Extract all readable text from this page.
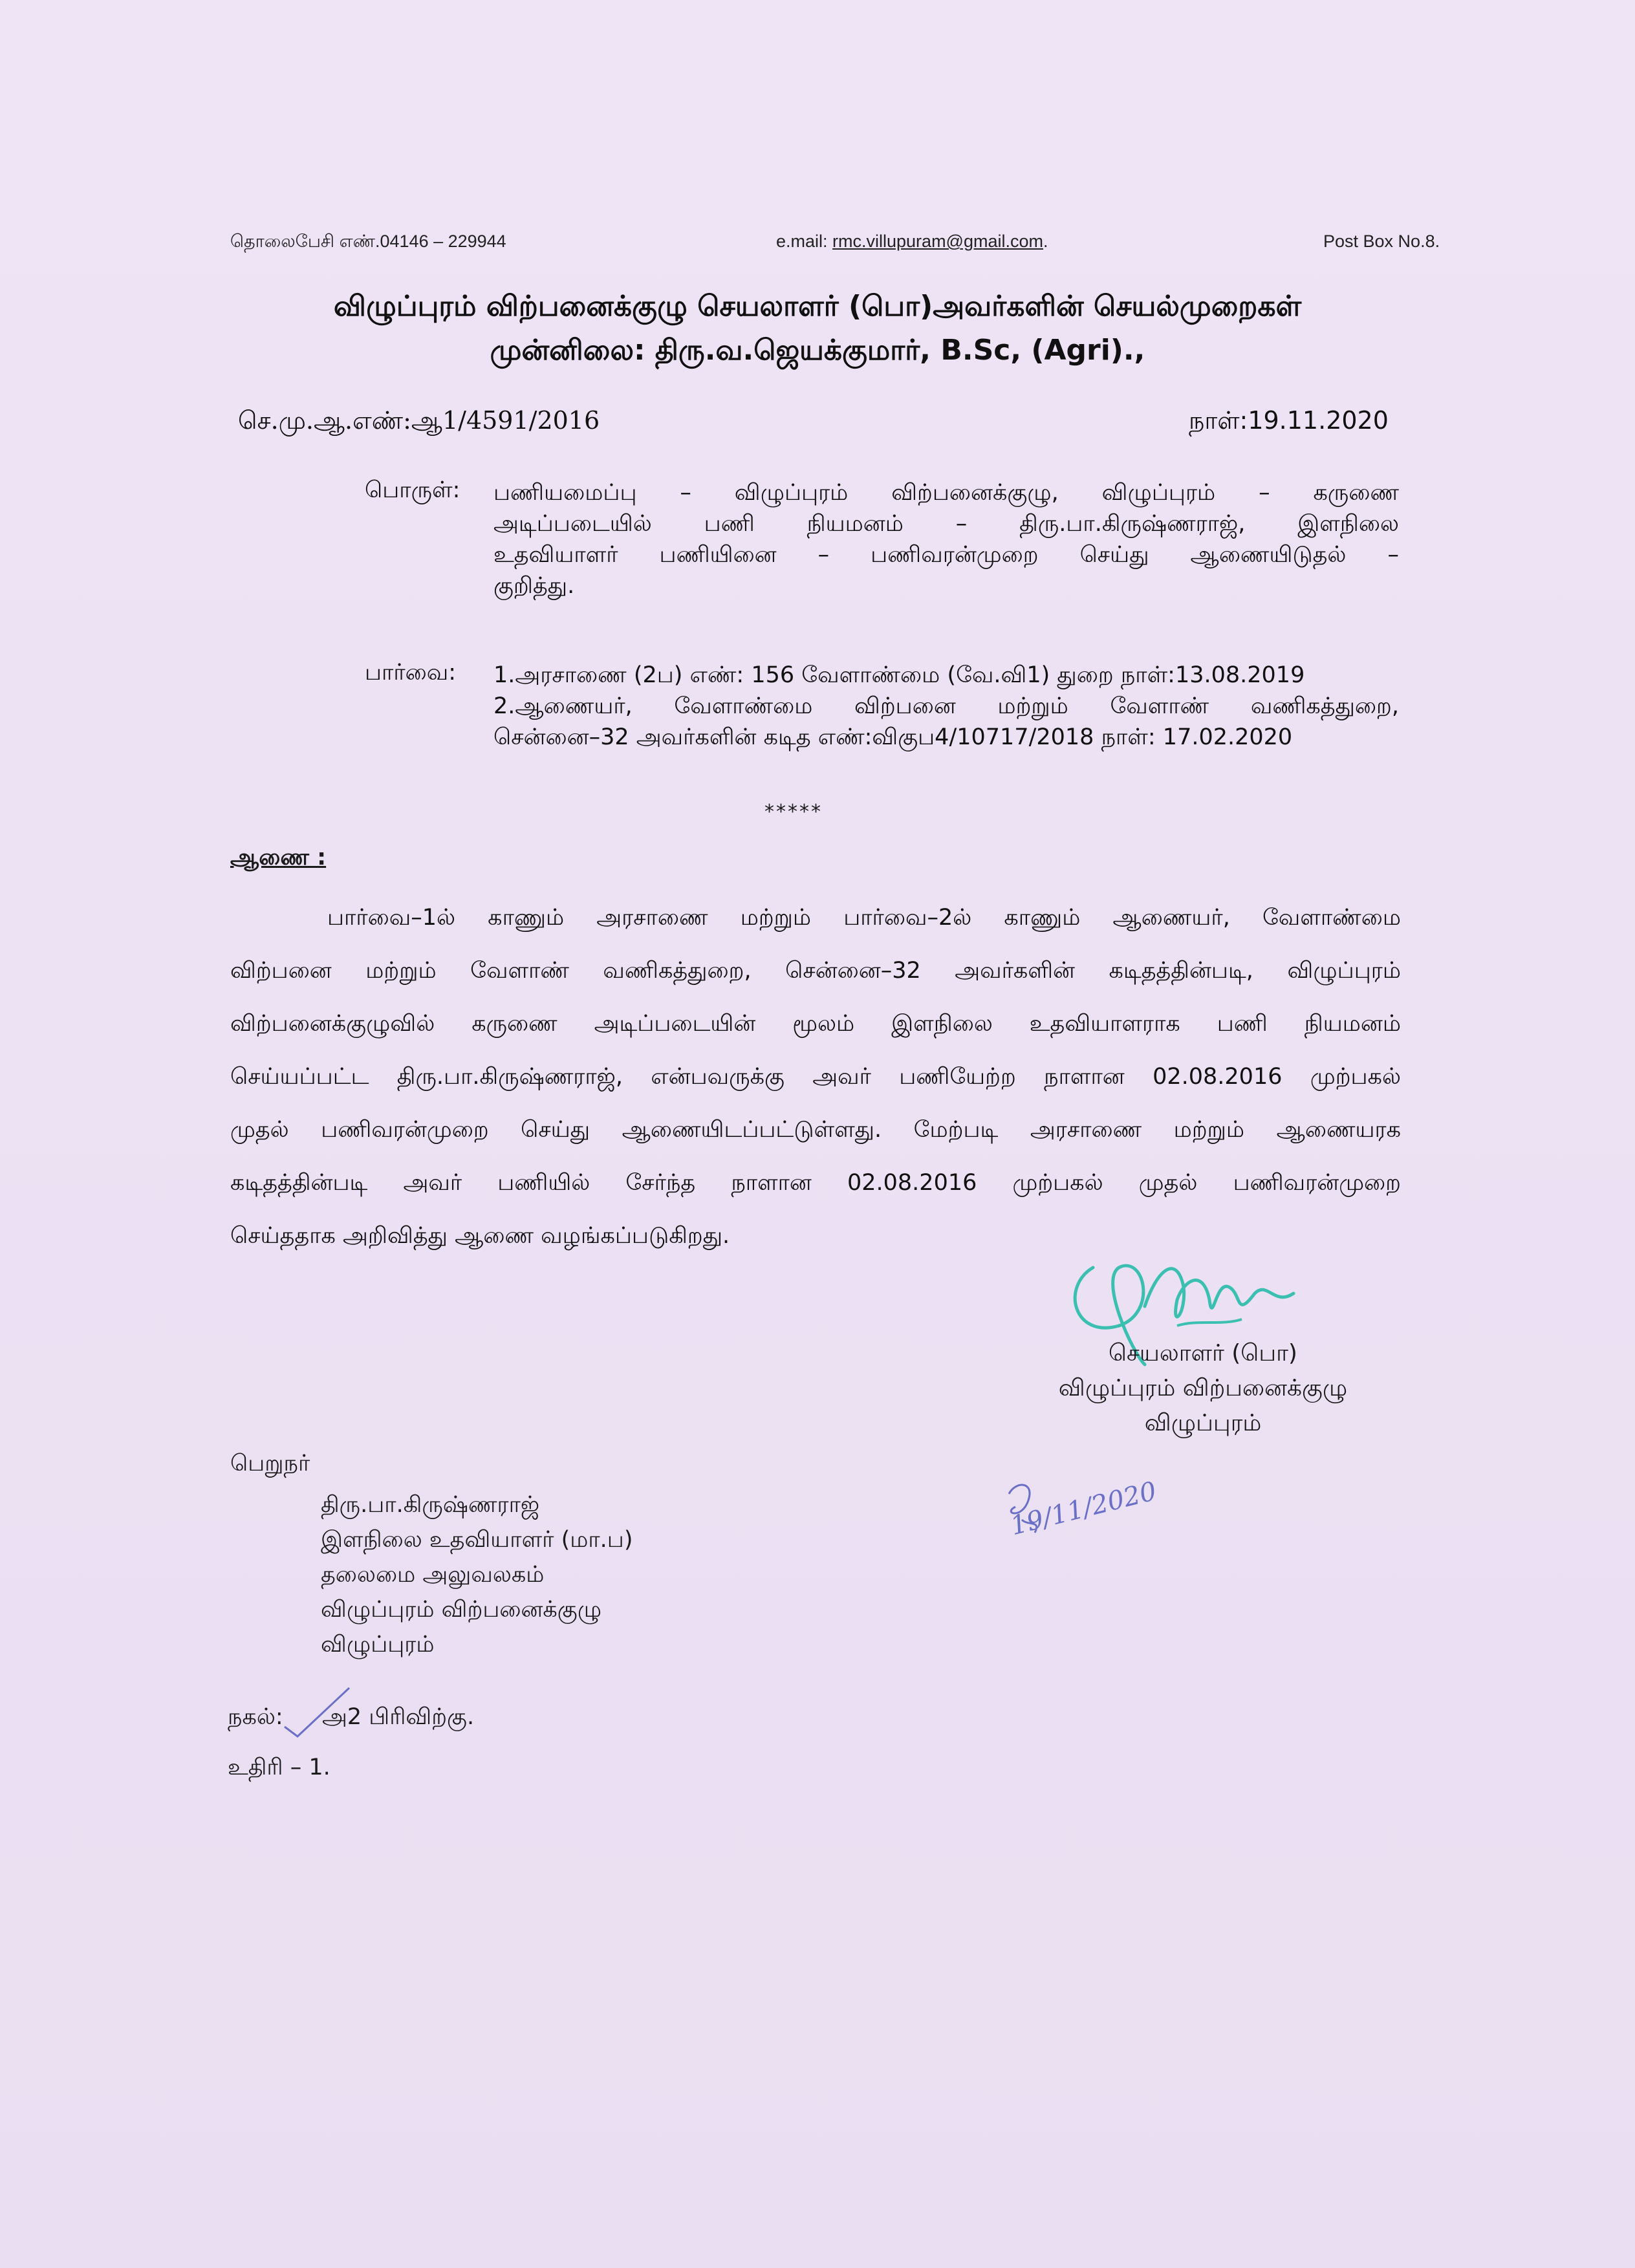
தொலைபேசி எண்.04146 – 229944	e.mail: rmc.villupuram@gmail.com.	Post Box No.8.
விழுப்புரம் விற்பனைக்குழு செயலாளர் (பொ)அவர்களின் செயல்முறைகள்
முன்னிலை: திரு.வ.ஜெயக்குமார், B.Sc, (Agri).,
செ.மு.ஆ.எண்:ஆ1/4591/2016	நாள்:19.11.2020
பொருள்: பணியமைப்பு – விழுப்புரம் விற்பனைக்குழு, விழுப்புரம் – கருணை
அடிப்படையில் பணி நியமனம் – திரு.பா.கிருஷ்ணராஜ், இளநிலை
உதவியாளர் பணியினை – பணிவரன்முறை செய்து ஆணையிடுதல் –
குறித்து.
பார்வை: 1.அரசாணை (2ப) எண்: 156 வேளாண்மை (வே.வி1) துறை நாள்:13.08.2019
2.ஆணையர், வேளாண்மை விற்பனை மற்றும் வேளாண் வணிகத்துறை,
சென்னை–32 அவர்களின் கடித எண்:விகுப4/10717/2018 நாள்: 17.02.2020
*****
ஆணை :
பார்வை–1ல் காணும் அரசாணை மற்றும் பார்வை–2ல் காணும் ஆணையர், வேளாண்மை
விற்பனை மற்றும் வேளாண் வணிகத்துறை, சென்னை–32 அவர்களின் கடிதத்தின்படி, விழுப்புரம்
விற்பனைக்குழுவில் கருணை அடிப்படையின் மூலம் இளநிலை உதவியாளராக பணி நியமனம்
செய்யப்பட்ட திரு.பா.கிருஷ்ணராஜ், என்பவருக்கு அவர் பணியேற்ற நாளான 02.08.2016 முற்பகல்
முதல் பணிவரன்முறை செய்து ஆணையிடப்பட்டுள்ளது. மேற்படி அரசாணை மற்றும் ஆணையரக
கடிதத்தின்படி அவர் பணியில் சேர்ந்த நாளான 02.08.2016 முற்பகல் முதல் பணிவரன்முறை
செய்ததாக அறிவித்து ஆணை வழங்கப்படுகிறது.
செயலாளர் (பொ)
விழுப்புரம் விற்பனைக்குழு
விழுப்புரம்
பெறுநர்
திரு.பா.கிருஷ்ணராஜ்
இளநிலை உதவியாளர் (மா.ப)
தலைமை அலுவலகம்
விழுப்புரம் விற்பனைக்குழு
விழுப்புரம்
19/11/2020
நகல்: அ2 பிரிவிற்கு.
உதிரி – 1.
